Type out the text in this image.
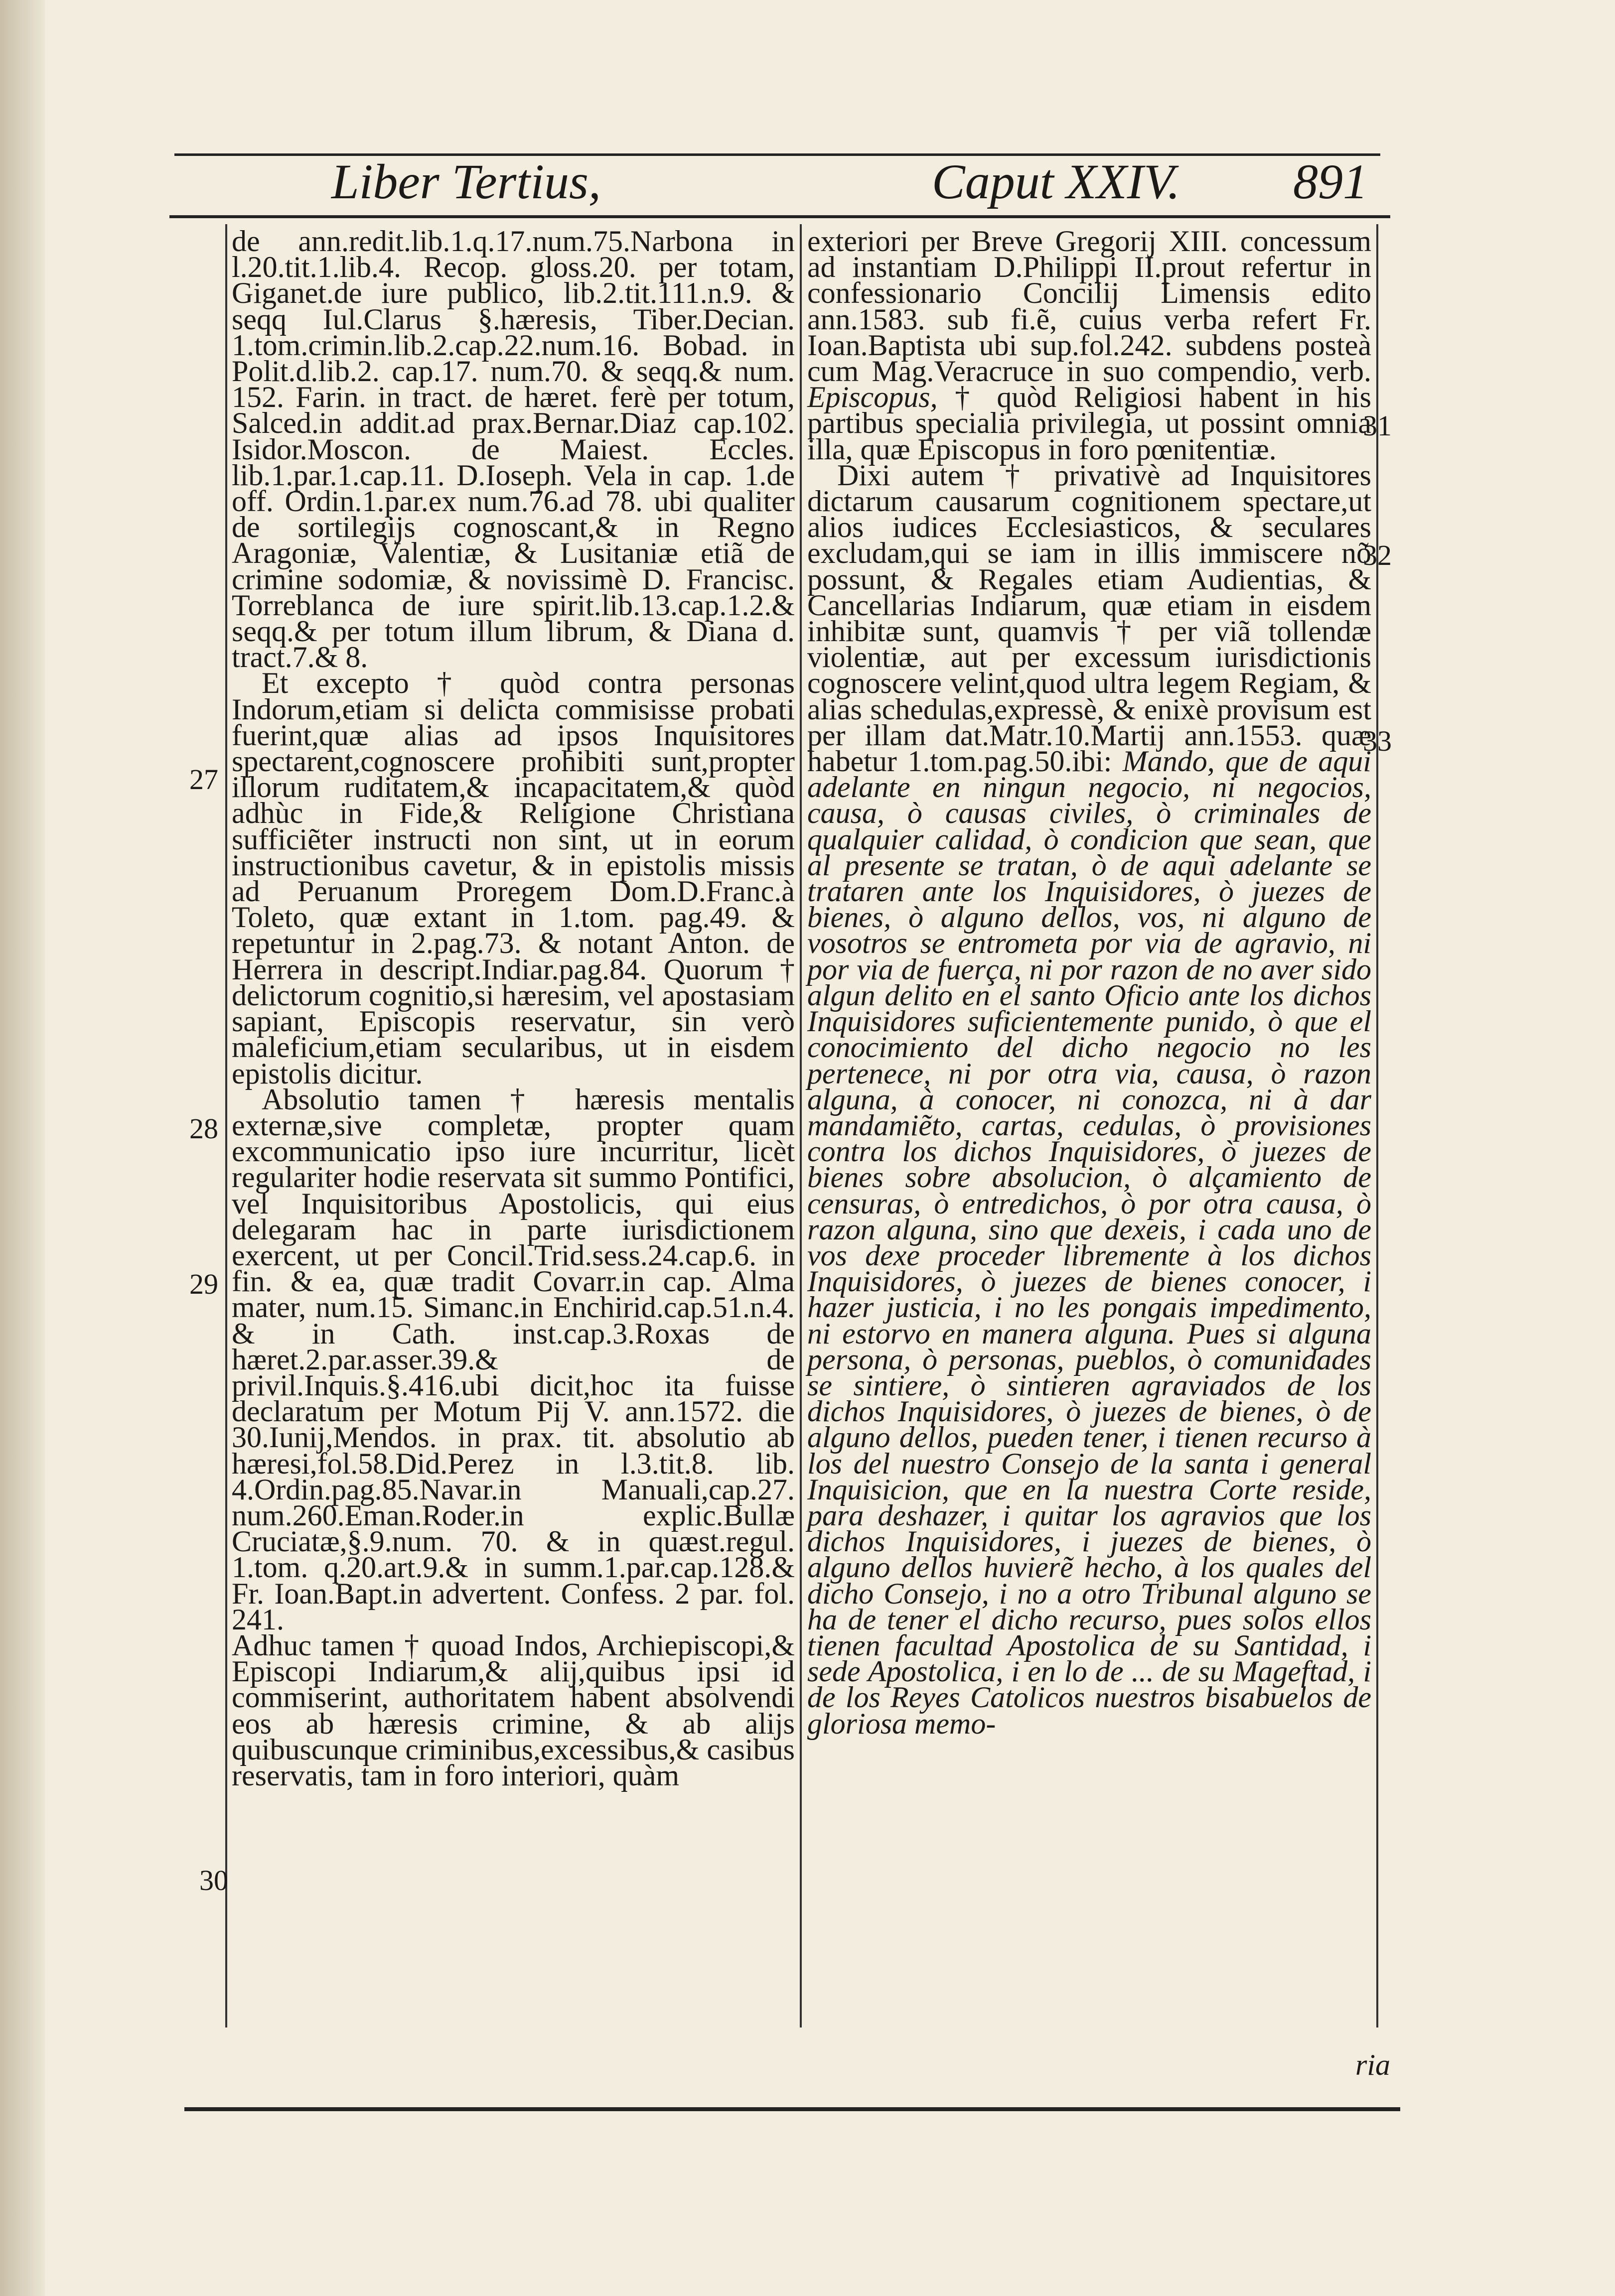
Liber Tertius,	Caput XXIV. 891

de ann.redit.lib.1.q.17.num.75.Narbona in l.20.tit.1.lib.4. Recop. gloss.20. per totam, Giganet.de iure publico, lib.2.tit.111.n.9. & seqq Iul.Clarus §.hæresis, Tiber.Decian. 1.tom.crimin.lib.2.cap.22.num.16. Bobad. in Polit.d.lib.2. cap.17. num.70. & seqq.& num. 152. Farin. in tract. de hæret. ferè per totum, Salced.in addit.ad prax.Bernar.Diaz cap.102. Isidor.Moscon. de Maiest. Eccles. lib.1.par.1.cap.11. D.Ioseph. Vela in cap. 1.de off. Ordin.1.par.ex num.76.ad 78. ubi qualiter de sortilegijs cognoscant,& in Regno Aragoniæ, Valentiæ, & Lusitaniæ etiã de crimine sodomiæ, & novissimè D. Francisc. Torreblanca de iure spirit.lib.13.cap.1.2.& seqq.& per totum illum librum, & Diana d. tract.7.& 8.

Et excepto † quòd contra personas Indorum,etiam si delicta commisisse probati fuerint,quæ alias ad ipsos Inquisitores spectarent,cognoscere prohibiti sunt,propter illorum ruditatem,& incapacitatem,& quòd adhùc in Fide,& Religione Christiana sufficiẽter instructi non sint, ut in eorum instructionibus cavetur, & in epistolis missis ad Peruanum Proregem Dom.D.Franc.à Toleto, quæ extant in 1.tom. pag.49. & repetuntur in 2.pag.73. & notant Anton. de Herrera in descript.Indiar.pag.84. Quorum † delictorum cognitio,si hæresim, vel apostasiam sapiant, Episcopis reservatur, sin verò maleficium,etiam secularibus, ut in eisdem epistolis dicitur.

Absolutio tamen † hæresis mentalis externæ,sive completæ, propter quam excommunicatio ipso iure incurritur, licèt regulariter hodie reservata sit summo Pontifici, vel Inquisitoribus Apostolicis, qui eius delegaram hac in parte iurisdictionem exercent, ut per Concil.Trid.sess.24.cap.6. in fin. & ea, quæ tradit Covarr.in cap. Alma mater, num.15. Simanc.in Enchirid.cap.51.n.4. & in Cath. inst.cap.3.Roxas de hæret.2.par.asser.39.& de privil.Inquis.§.416.ubi dicit,hoc ita fuisse declaratum per Motum Pij V. ann.1572. die 30.Iunij,Mendos. in prax. tit. absolutio ab hæresi,fol.58.Did.Perez in l.3.tit.8. lib. 4.Ordin.pag.85.Navar.in Manuali,cap.27. num.260.Eman.Roder.in explic.Bullæ Cruciatæ,§.9.num. 70. & in quæst.regul. 1.tom. q.20.art.9.& in summ.1.par.cap.128.& Fr. Ioan.Bapt.in advertent. Confess. 2 par. fol. 241.

Adhuc tamen † quoad Indos, Archiepiscopi,& Episcopi Indiarum,& alij,quibus ipsi id commiserint, authoritatem habent absolvendi eos ab hæresis crimine, & ab alijs quibuscunque criminibus,excessibus,& casibus reservatis, tam in foro interiori, quàm

exteriori per Breve Gregorij XIII. concessum ad instantiam D.Philippi II.prout refertur in confessionario Concilij Limensis edito ann.1583. sub fi.ẽ, cuius verba refert Fr. Ioan.Baptista ubi sup.fol.242. subdens posteà cum Mag.Veracruce in suo compendio, verb. Episcopus, † quòd Religiosi habent in his partibus specialia privilegia, ut possint omnia illa, quæ Episcopus in foro pœnitentiæ.

Dixi autem † privativè ad Inquisitores dictarum causarum cognitionem spectare,ut alios iudices Ecclesiasticos, & seculares excludam,qui se iam in illis immiscere nõ possunt, & Regales etiam Audientias, & Cancellarias Indiarum, quæ etiam in eisdem inhibitæ sunt, quamvis † per viã tollendæ violentiæ, aut per excessum iurisdictionis cognoscere velint,quod ultra legem Regiam, & alias schedulas,expressè, & enixè provisum est per illam dat.Matr.10.Martij ann.1553. quæ habetur 1.tom.pag.50.ibi: Mando, que de aqui adelante en ningun negocio, ni negocios, causa, ò causas civiles, ò criminales de qualquier calidad, ò condicion que sean, que al presente se tratan, ò de aqui adelante se trataren ante los Inquisidores, ò juezes de bienes, ò alguno dellos, vos, ni alguno de vosotros se entrometa por via de agravio, ni por via de fuerça, ni por razon de no aver sido algun delito en el santo Oficio ante los dichos Inquisidores suficientemente punido, ò que el conocimiento del dicho negocio no les pertenece, ni por otra via, causa, ò razon alguna, à conocer, ni conozca, ni à dar mandamiẽto, cartas, cedulas, ò provisiones contra los dichos Inquisidores, ò juezes de bienes sobre absolucion, ò alçamiento de censuras, ò entredichos, ò por otra causa, ò razon alguna, sino que dexeis, i cada uno de vos dexe proceder libremente à los dichos Inquisidores, ò juezes de bienes conocer, i hazer justicia, i no les pongais impedimento, ni estorvo en manera alguna. Pues si alguna persona, ò personas, pueblos, ò comunidades se sintiere, ò sintieren agraviados de los dichos Inquisidores, ò juezes de bienes, ò de alguno dellos, pueden tener, i tienen recurso à los del nuestro Consejo de la santa i general Inquisicion, que en la nuestra Corte reside, para deshazer, i quitar los agravios que los dichos Inquisidores, i juezes de bienes, ò alguno dellos huvierẽ hecho, à los quales del dicho Consejo, i no a otro Tribunal alguno se ha de tener el dicho recurso, pues solos ellos tienen facultad Apostolica de su Santidad, i sede Apostolica, i en lo de ... de su Mageftad, i de los Reyes Catolicos nuestros bisabuelos de gloriosa memo-

27
28
29
30
31
32
33
ria
